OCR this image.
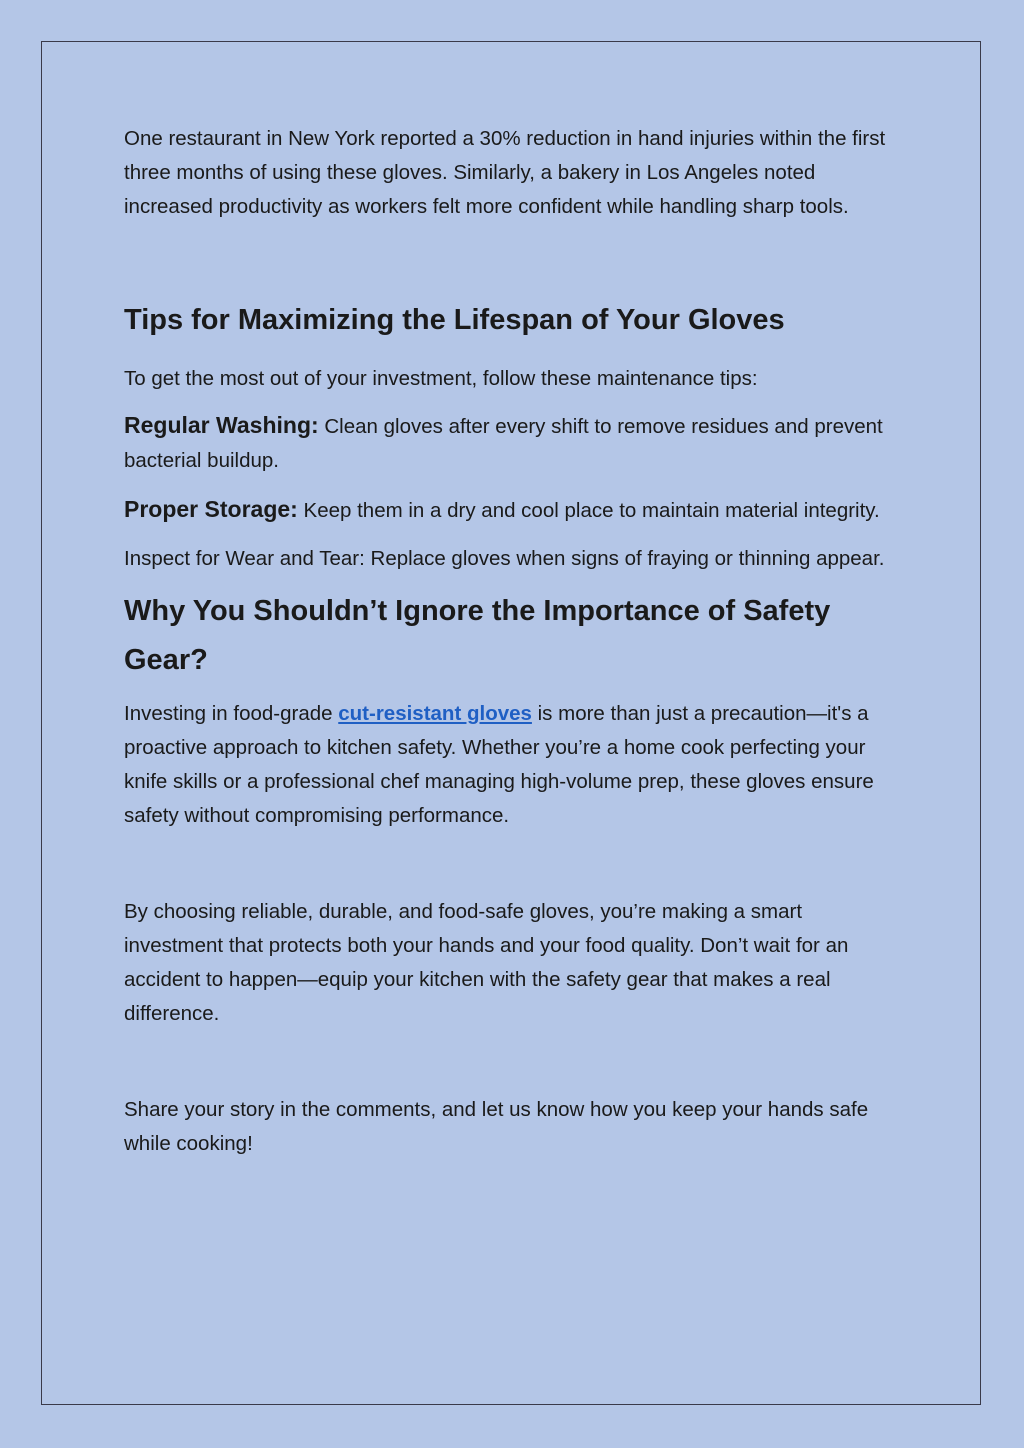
One restaurant in New York reported a 30% reduction in hand injuries within the first three months of using these gloves. Similarly, a bakery in Los Angeles noted increased productivity as workers felt more confident while handling sharp tools.

Tips for Maximizing the Lifespan of Your Gloves

To get the most out of your investment, follow these maintenance tips:

Regular Washing: Clean gloves after every shift to remove residues and prevent bacterial buildup.

Proper Storage: Keep them in a dry and cool place to maintain material integrity.

Inspect for Wear and Tear: Replace gloves when signs of fraying or thinning appear.

Why You Shouldn’t Ignore the Importance of Safety Gear?

Investing in food-grade cut-resistant gloves is more than just a precaution—it's a proactive approach to kitchen safety. Whether you’re a home cook perfecting your knife skills or a professional chef managing high-volume prep, these gloves ensure safety without compromising performance.

By choosing reliable, durable, and food-safe gloves, you’re making a smart investment that protects both your hands and your food quality. Don’t wait for an accident to happen—equip your kitchen with the safety gear that makes a real difference.

Share your story in the comments, and let us know how you keep your hands safe while cooking!
